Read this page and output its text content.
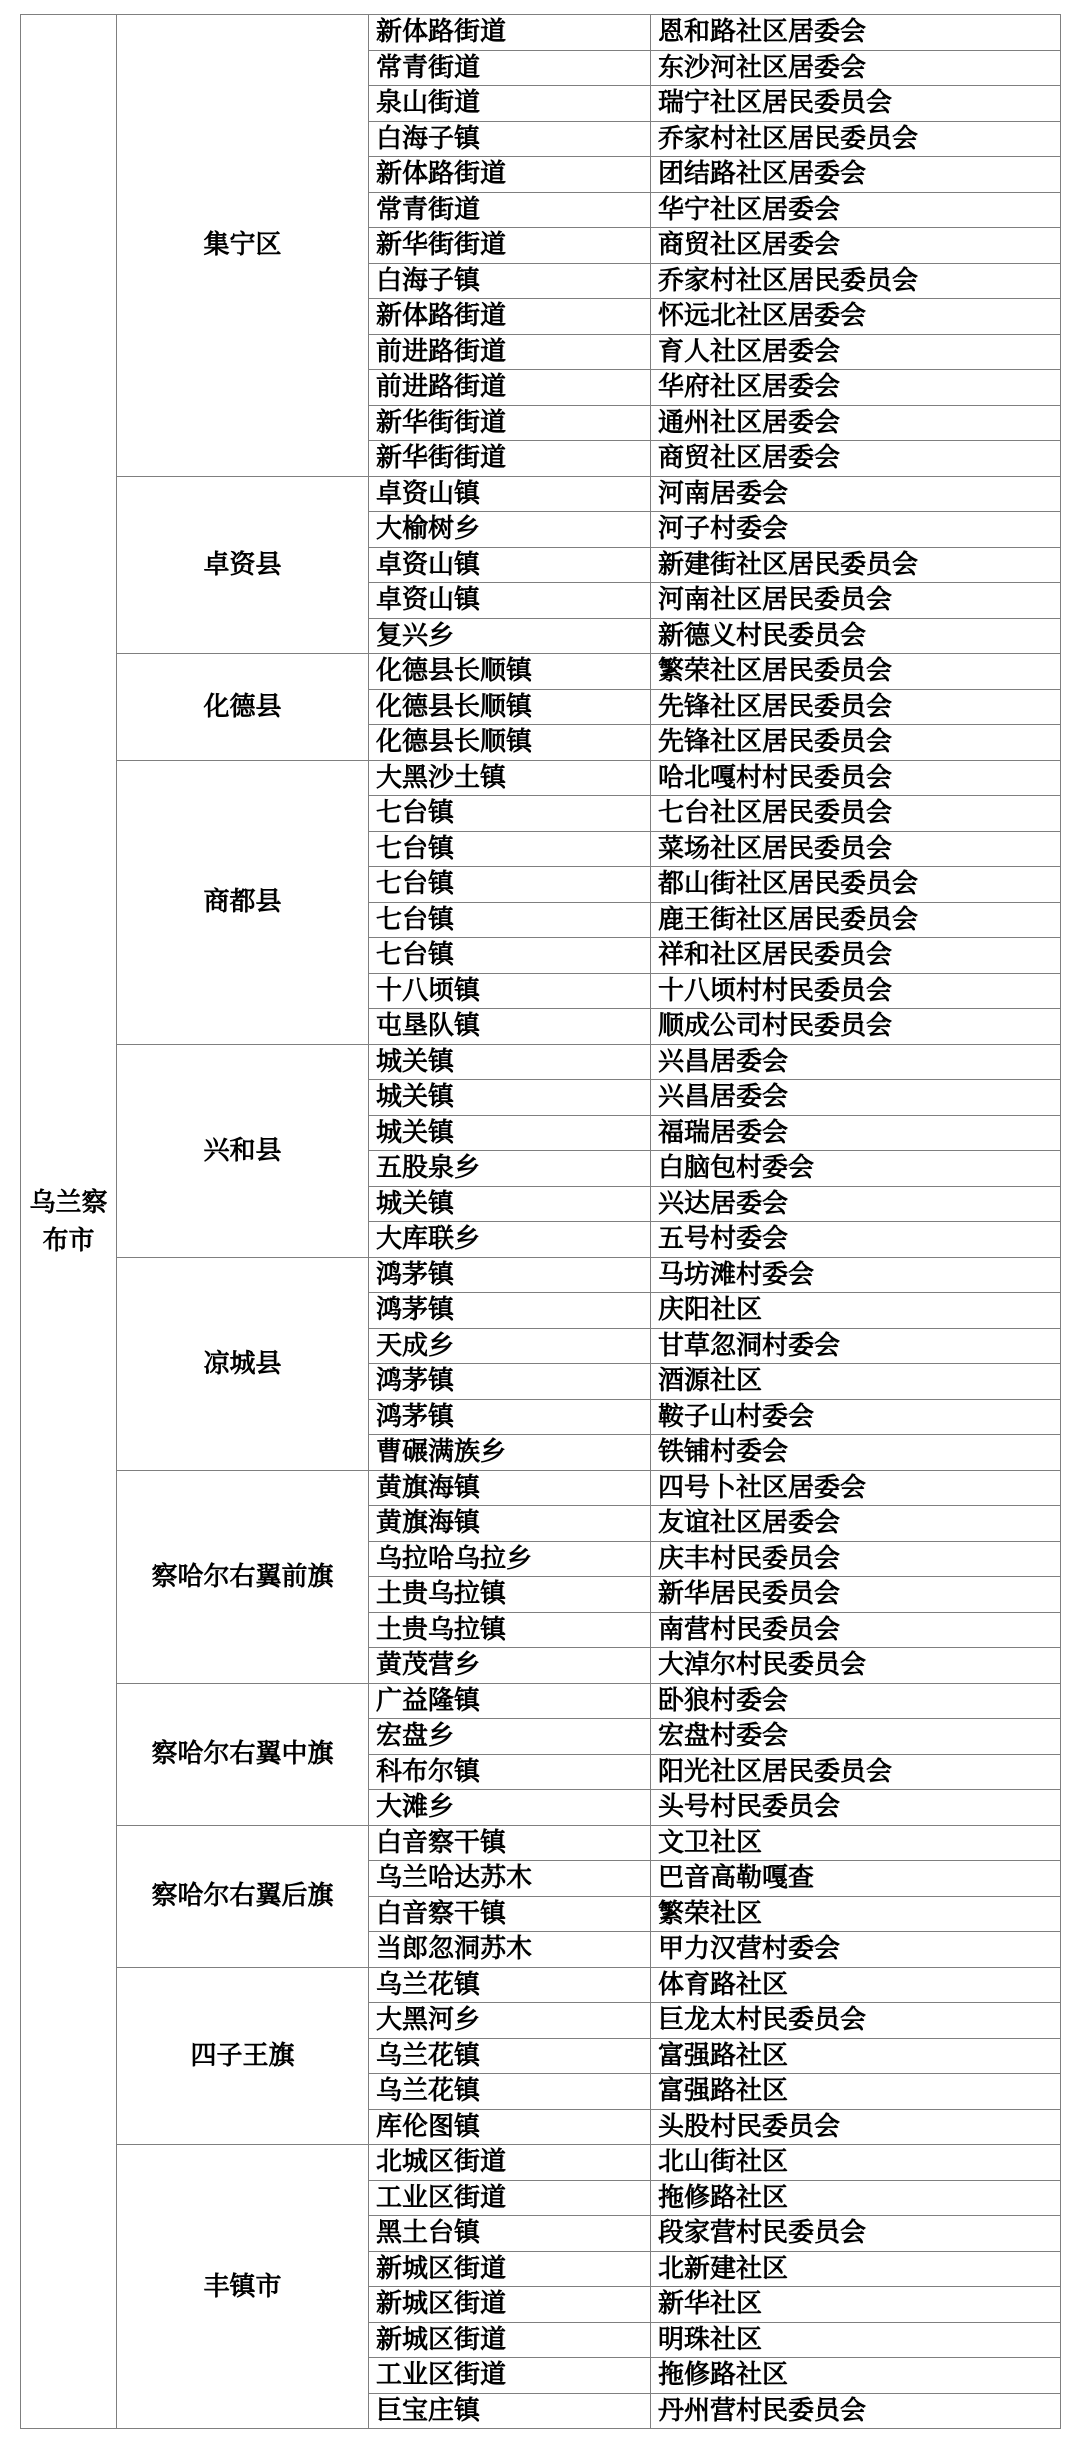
乌兰察布市	集宁区	新体路街道	恩和路社区居委会
		常青街道	东沙河社区居委会
		泉山街道	瑞宁社区居民委员会
		白海子镇	乔家村社区居民委员会
		新体路街道	团结路社区居委会
		常青街道	华宁社区居委会
		新华街街道	商贸社区居委会
		白海子镇	乔家村社区居民委员会
		新体路街道	怀远北社区居委会
		前进路街道	育人社区居委会
		前进路街道	华府社区居委会
		新华街街道	通州社区居委会
		新华街街道	商贸社区居委会
	卓资县	卓资山镇	河南居委会
		大榆树乡	河子村委会
		卓资山镇	新建街社区居民委员会
		卓资山镇	河南社区居民委员会
		复兴乡	新德义村民委员会
	化德县	化德县长顺镇	繁荣社区居民委员会
		化德县长顺镇	先锋社区居民委员会
		化德县长顺镇	先锋社区居民委员会
	商都县	大黑沙土镇	哈北嘎村村民委员会
		七台镇	七台社区居民委员会
		七台镇	菜场社区居民委员会
		七台镇	都山街社区居民委员会
		七台镇	鹿王街社区居民委员会
		七台镇	祥和社区居民委员会
		十八顷镇	十八顷村村民委员会
		屯垦队镇	顺成公司村民委员会
	兴和县	城关镇	兴昌居委会
		城关镇	兴昌居委会
		城关镇	福瑞居委会
		五股泉乡	白脑包村委会
		城关镇	兴达居委会
		大库联乡	五号村委会
	凉城县	鸿茅镇	马坊滩村委会
		鸿茅镇	庆阳社区
		天成乡	甘草忽洞村委会
		鸿茅镇	酒源社区
		鸿茅镇	鞍子山村委会
		曹碾满族乡	铁铺村委会
	察哈尔右翼前旗	黄旗海镇	四号卜社区居委会
		黄旗海镇	友谊社区居委会
		乌拉哈乌拉乡	庆丰村民委员会
		土贵乌拉镇	新华居民委员会
		土贵乌拉镇	南营村民委员会
		黄茂营乡	大淖尔村民委员会
	察哈尔右翼中旗	广益隆镇	卧狼村委会
		宏盘乡	宏盘村委会
		科布尔镇	阳光社区居民委员会
		大滩乡	头号村民委员会
	察哈尔右翼后旗	白音察干镇	文卫社区
		乌兰哈达苏木	巴音高勒嘎查
		白音察干镇	繁荣社区
		当郎忽洞苏木	甲力汉营村委会
	四子王旗	乌兰花镇	体育路社区
		大黑河乡	巨龙太村民委员会
		乌兰花镇	富强路社区
		乌兰花镇	富强路社区
		库伦图镇	头股村民委员会
	丰镇市	北城区街道	北山街社区
		工业区街道	拖修路社区
		黑土台镇	段家营村民委员会
		新城区街道	北新建社区
		新城区街道	新华社区
		新城区街道	明珠社区
		工业区街道	拖修路社区
		巨宝庄镇	丹州营村民委员会
